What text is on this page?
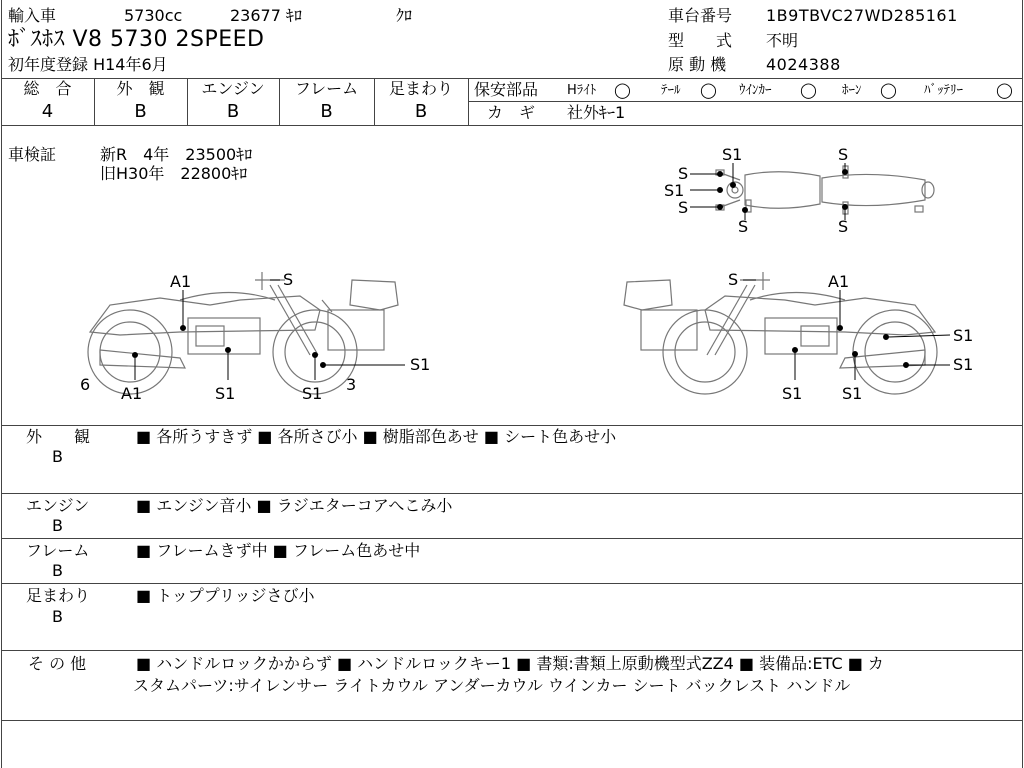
輸入車	5730cc	23677 ｷﾛ	ｸﾛ
ﾎﾞｽﾎｽ V8 5730 2SPEED
初年度登録 H14年6月
車台番号 1B9TBVC27WD285161
型　　式 不明
原 動 機 4024388
総　合	外　観	エンジン	フレーム	足まわり
4	B	B	B	B
保安部品 Hﾗｲﾄ ◯ ﾃｰﾙ ◯ ｳｲﾝｶｰ ◯ ﾎｰﾝ ◯ ﾊﾞｯﾃﾘｰ ◯
カ　ギ 社外ｷｰ1
車検証	新R　4年　23500ｷﾛ
旧H30年　22800ｷﾛ
S1	S
S1
S
S
S	S
A1	S
6 A1	S1	S1 3
S1
S	A1
S1
S1
S1 S1
外　　観
B
■ 各所うすきず ■ 各所さび小 ■ 樹脂部色あせ ■ シート色あせ小
エンジン
B
■ エンジン音小 ■ ラジエターコアへこみ小
フレーム
B
■ フレームきず中 ■ フレーム色あせ中
足まわり
B
■ トッププリッジさび小
そ の 他	■ ハンドルロックかからず ■ ハンドルロックキー1 ■ 書類:書類上原動機型式ZZ4 ■ 装備品:ETC ■ カ
スタムパーツ:サイレンサー ライトカウル アンダーカウル ウインカー シート バックレスト ハンドル
